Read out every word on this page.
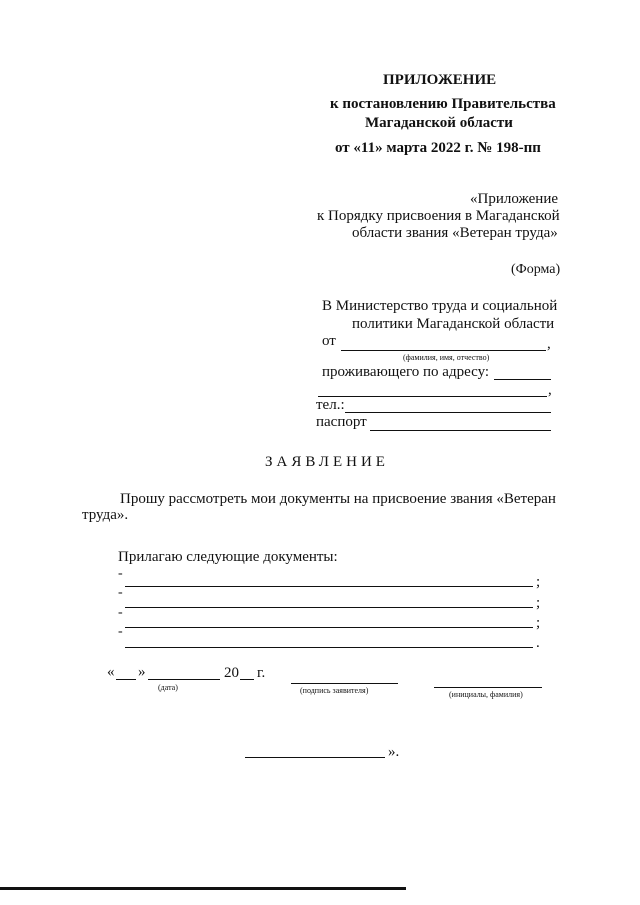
ПРИЛОЖЕНИЕ
к постановлению Правительства
Магаданской области
от «11» марта 2022 г. № 198-пп
«Приложение
к Порядку присвоения в Магаданской
области звания «Ветеран труда»
(Форма)
В Министерство труда и социальной
политики Магаданской области
от	,
(фамилия, имя, отчество)
проживающего по адресу:
,
тел.:
паспорт
ЗАЯВЛЕНИЕ
Прошу рассмотреть мои документы на присвоение звания «Ветеран
труда».
Прилагаю следующие документы:
-
;
-
;
-
;
-
.
« »	20 г.
(дата)	(подпись заявителя)	(инициалы, фамилия)
».
